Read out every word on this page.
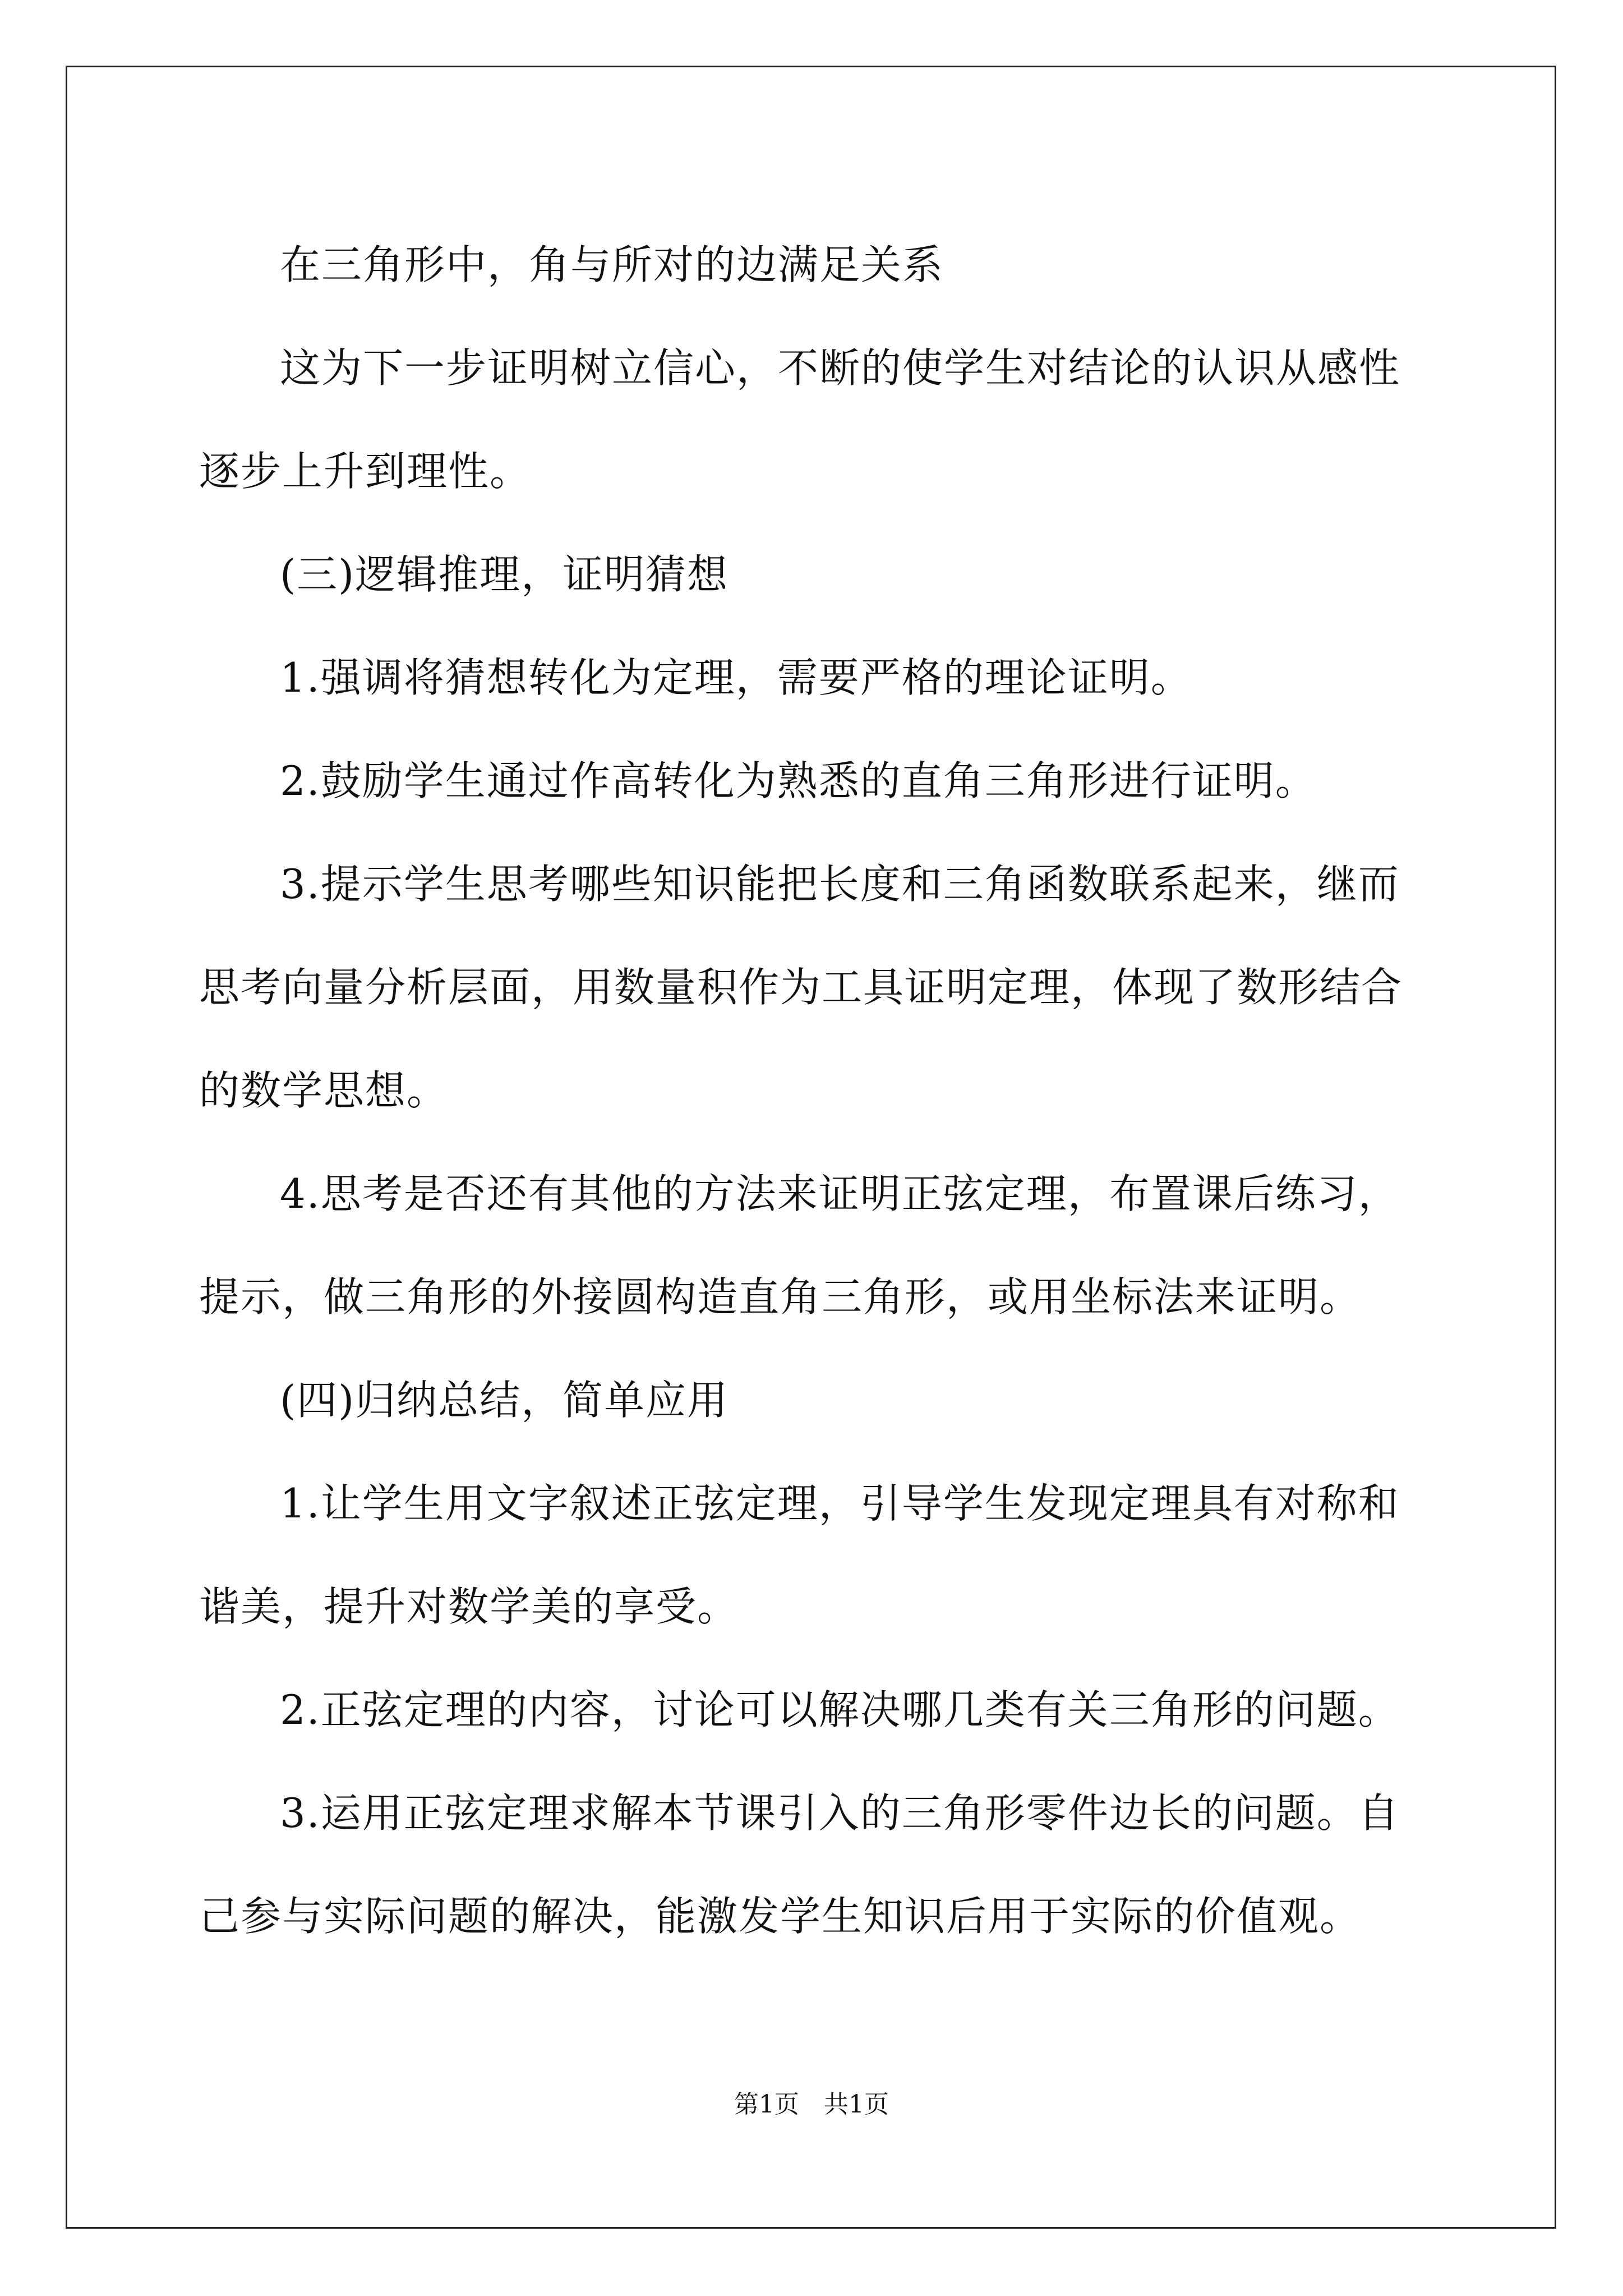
在三角形中，角与所对的边满足关系

这为下一步证明树立信心，不断的使学生对结论的认识从感性逐步上升到理性。

(三)逻辑推理，证明猜想

1.强调将猜想转化为定理，需要严格的理论证明。

2.鼓励学生通过作高转化为熟悉的直角三角形进行证明。

3.提示学生思考哪些知识能把长度和三角函数联系起来，继而思考向量分析层面，用数量积作为工具证明定理，体现了数形结合的数学思想。

4.思考是否还有其他的方法来证明正弦定理，布置课后练习，提示，做三角形的外接圆构造直角三角形，或用坐标法来证明。

(四)归纳总结，简单应用

1.让学生用文字叙述正弦定理，引导学生发现定理具有对称和谐美，提升对数学美的享受。

2.正弦定理的内容，讨论可以解决哪几类有关三角形的问题。

3.运用正弦定理求解本节课引入的三角形零件边长的问题。自己参与实际问题的解决，能激发学生知识后用于实际的价值观。

第1页　共1页
